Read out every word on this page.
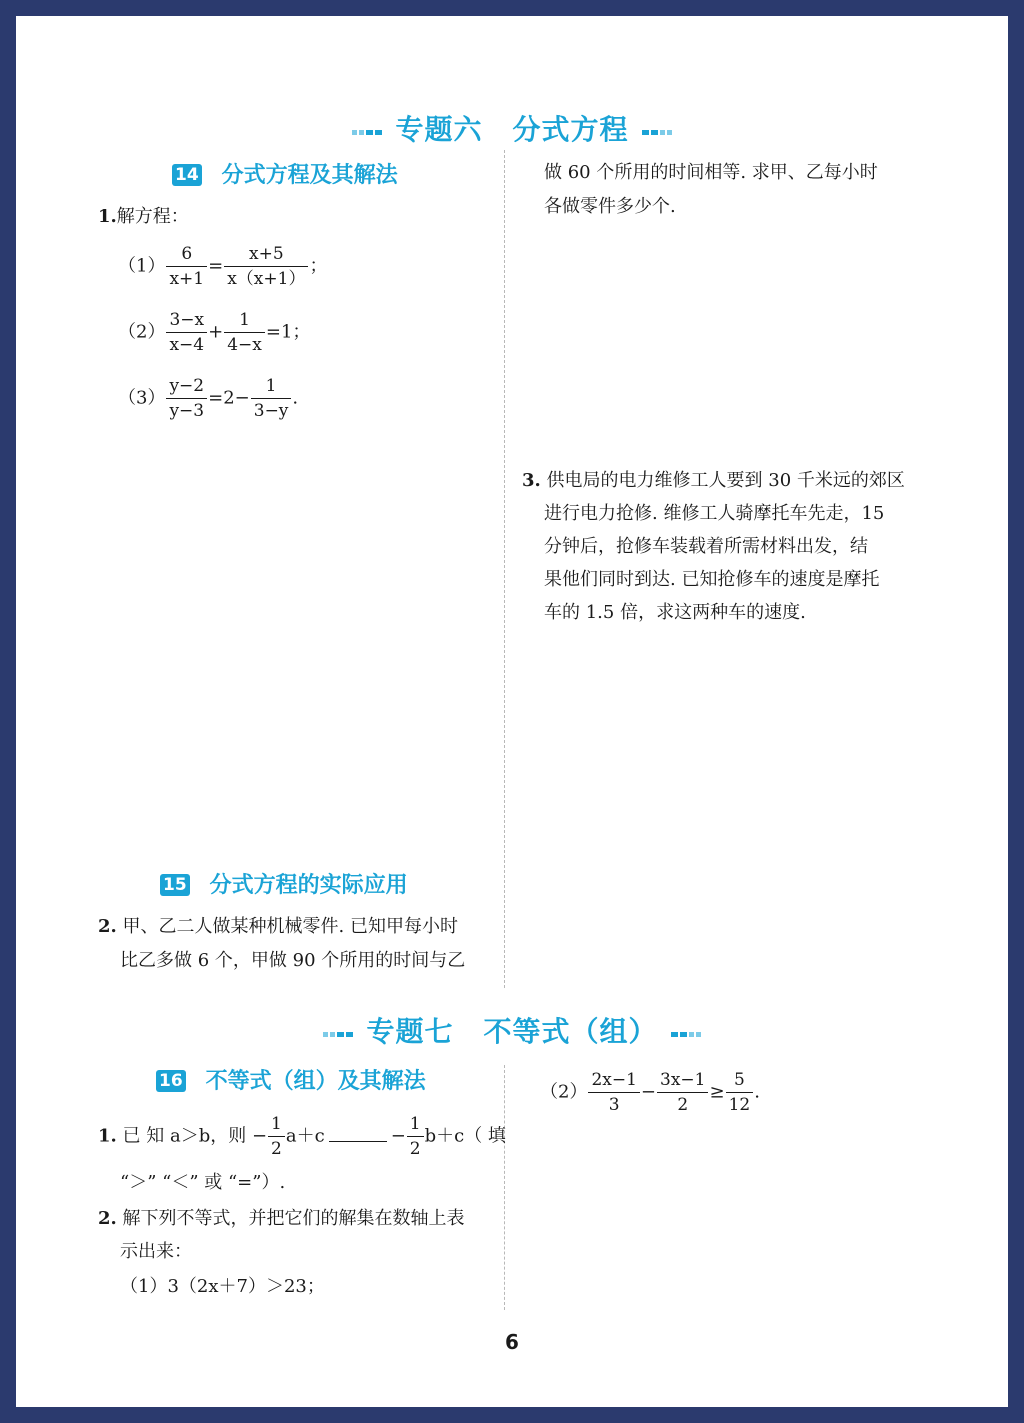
专题六 分式方程
14 分式方程及其解法
1.解方程：
$(1) \frac{6}{x+1} = \frac{x+5}{x(x+1)}$ ；
$(2) \frac{3-x}{x-4} + \frac{1}{4-x} =1$；
$(3) \frac{y-2}{y-3} =2- \frac{1}{3-y}$ .
做 60 个所用的时间相等. 求甲、乙每小时
各做零件多少个.
3. 供电局的电力维修工人要到 30 千米远的郊区
进行电力抢修. 维修工人骑摩托车先走，15
分钟后，抢修车装载着所需材料出发，结
果他们同时到达. 已知抢修车的速度是摩托
车的 1.5 倍，求这两种车的速度.
15 分式方程的实际应用
2. 甲、乙二人做某种机械零件. 已知甲每小时
比乙多做 6 个，甲做 90 个所用的时间与乙
专题七 不等式（组）
16 不等式（组）及其解法
1. 已 知 a＞b，则 − $\frac{1}{2} a+c$	− $\frac{1}{2} b+c$（ 填
“＞” “＜” 或 “=”）.
2. 解下列不等式，并把它们的解集在数轴上表
示出来：
（1）3（2x＋7）＞23；
$(2) \frac{2x-1}{3} - \frac{3x-1}{2} \ge \frac{5}{12}$ .
6
